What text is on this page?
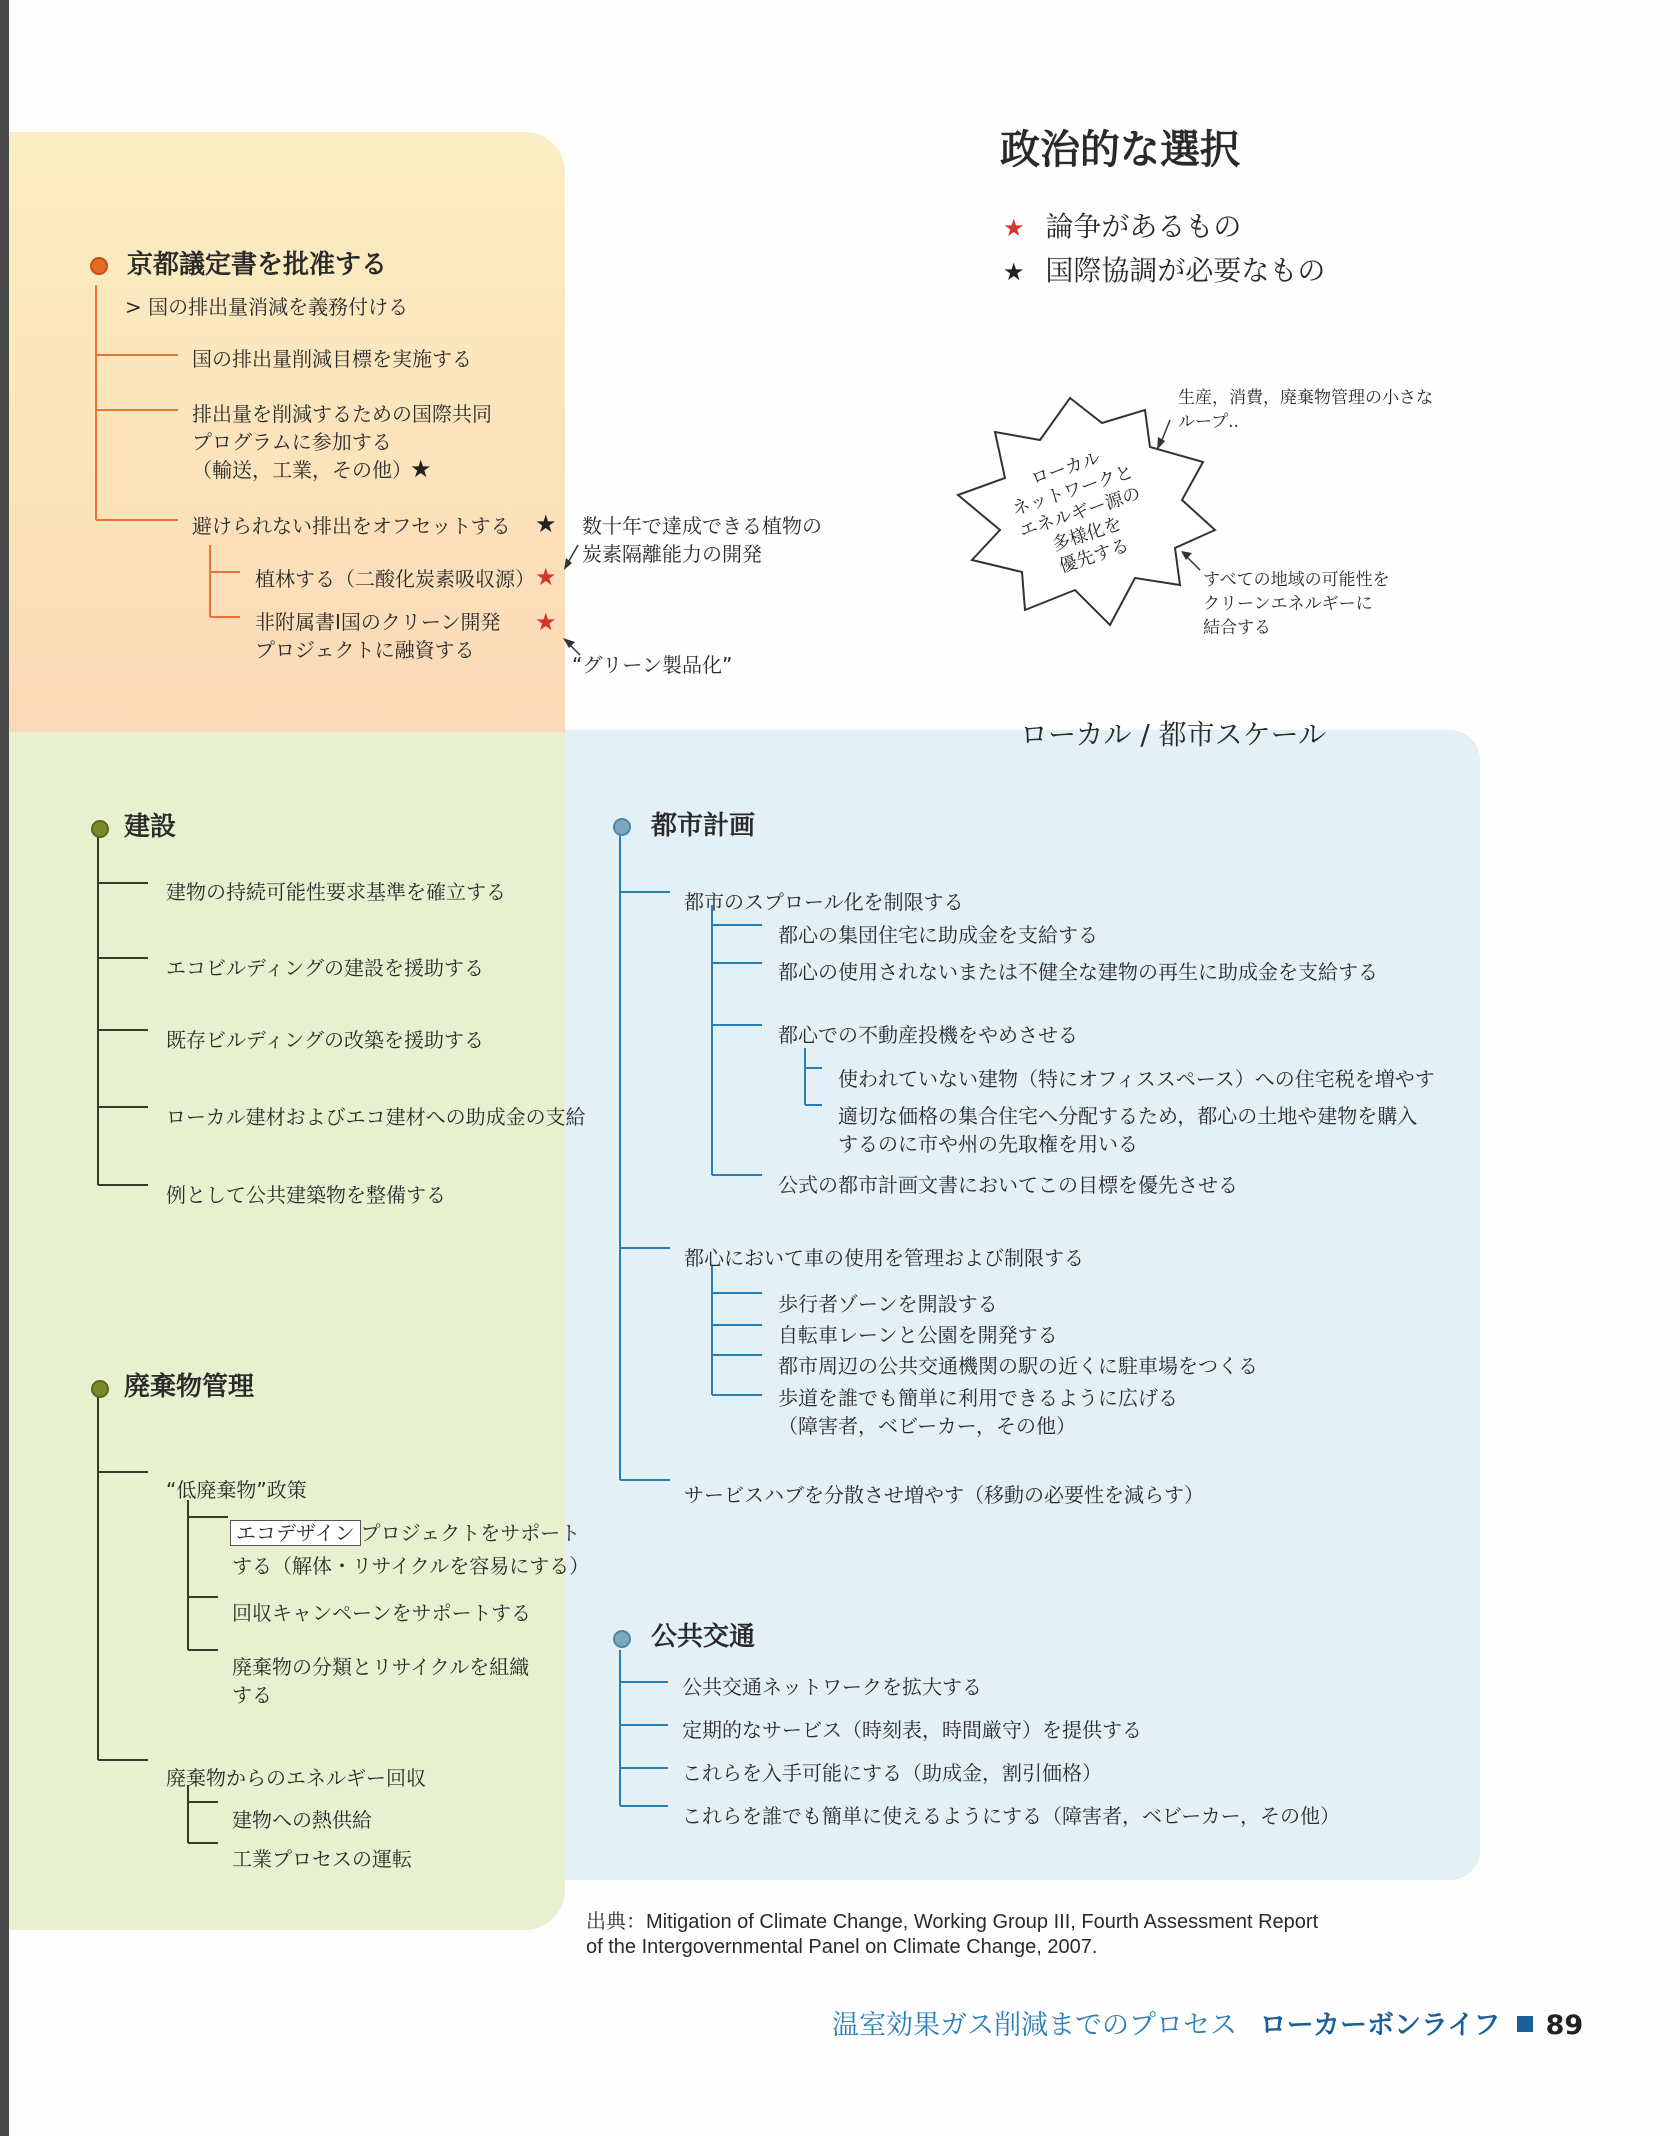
政治的な選択
★ 論争があるもの
★ 国際協調が必要なもの
ローカル
ネットワークと
エネルギー源の
多様化を
優先する
生産，消費，廃棄物管理の小さな
ループ..
すべての地域の可能性を
クリーンエネルギーに
結合する
ローカル / 都市スケール
京都議定書を批准する
> 国の排出量消減を義務付ける
国の排出量削減目標を実施する
排出量を削減するための国際共同
プログラムに参加する
（輸送，工業，その他）
★
避けられない排出をオフセットする ★ 数十年で達成できる植物の
炭素隔離能力の開発
植林する（二酸化炭素吸収源） ★
非附属書Ⅰ国のクリーン開発
プロジェクトに融資する
★
“グリーン製品化”
建設
建物の持続可能性要求基準を確立する
エコビルディングの建設を援助する
既存ビルディングの改築を援助する
ローカル建材およびエコ建材への助成金の支給
例として公共建築物を整備する
廃棄物管理
“低廃棄物”政策
エコデザイン プロジェクトをサポート
する（解体・リサイクルを容易にする）
回収キャンペーンをサポートする
廃棄物の分類とリサイクルを組織
する
廃棄物からのエネルギー回収
建物への熱供給
工業プロセスの運転
都市計画
都市のスプロール化を制限する
都心の集団住宅に助成金を支給する
都心の使用されないまたは不健全な建物の再生に助成金を支給する
都心での不動産投機をやめさせる
使われていない建物（特にオフィススペース）への住宅税を増やす
適切な価格の集合住宅へ分配するため，都心の土地や建物を購入
するのに市や州の先取権を用いる
公式の都市計画文書においてこの目標を優先させる
都心において車の使用を管理および制限する
歩行者ゾーンを開設する
自転車レーンと公園を開発する
都市周辺の公共交通機関の駅の近くに駐車場をつくる
歩道を誰でも簡単に利用できるように広げる
（障害者，ベビーカー，その他）
サービスハブを分散させ増やす（移動の必要性を減らす）
公共交通
公共交通ネットワークを拡大する
定期的なサービス（時刻表，時間厳守）を提供する
これらを入手可能にする（助成金，割引価格）
これらを誰でも簡単に使えるようにする（障害者，ベビーカー，その他）
出典：Mitigation of Climate Change, Working Group III, Fourth Assessment Report
of the Intergovernmental Panel on Climate Change, 2007.
温室効果ガス削減までのプロセス ローカーボンライフ 89
